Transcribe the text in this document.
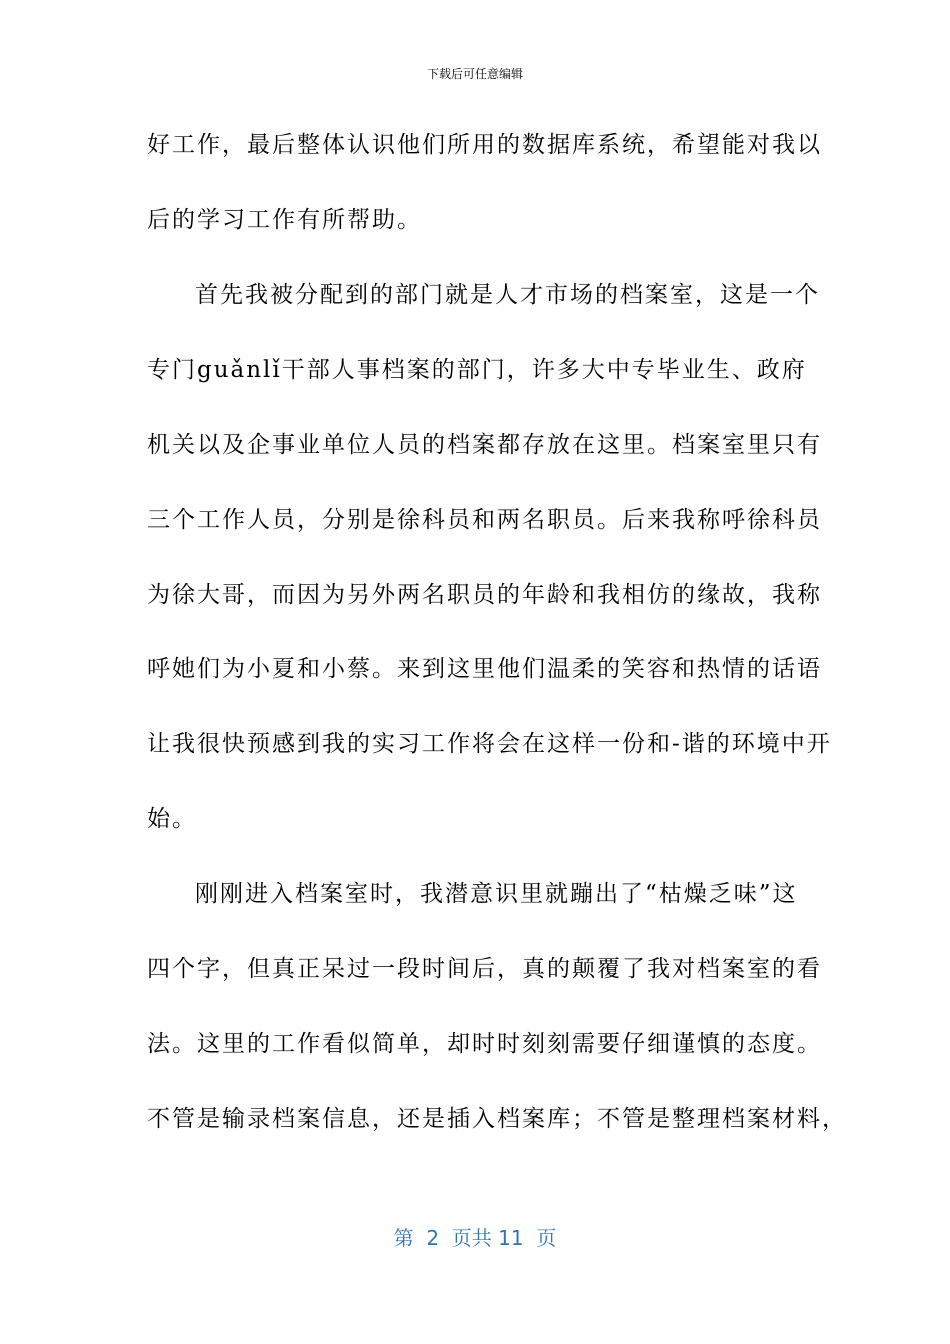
下载后可任意编辑
好工作，最后整体认识他们所用的数据库系统，希望能对我以
后的学习工作有所帮助。
首先我被分配到的部门就是人才市场的档案室，这是一个
专门guǎnlǐ干部人事档案的部门，许多大中专毕业生、政府
机关以及企事业单位人员的档案都存放在这里。档案室里只有
三个工作人员，分别是徐科员和两名职员。后来我称呼徐科员
为徐大哥，而因为另外两名职员的年龄和我相仿的缘故，我称
呼她们为小夏和小蔡。来到这里他们温柔的笑容和热情的话语
让我很快预感到我的实习工作将会在这样一份和-谐的环境中开
始。
刚刚进入档案室时，我潜意识里就蹦出了“枯燥乏味”这
四个字，但真正呆过一段时间后，真的颠覆了我对档案室的看
法。这里的工作看似简单，却时时刻刻需要仔细谨慎的态度。
不管是输录档案信息，还是插入档案库；不管是整理档案材料，
第  2  页共 11  页
